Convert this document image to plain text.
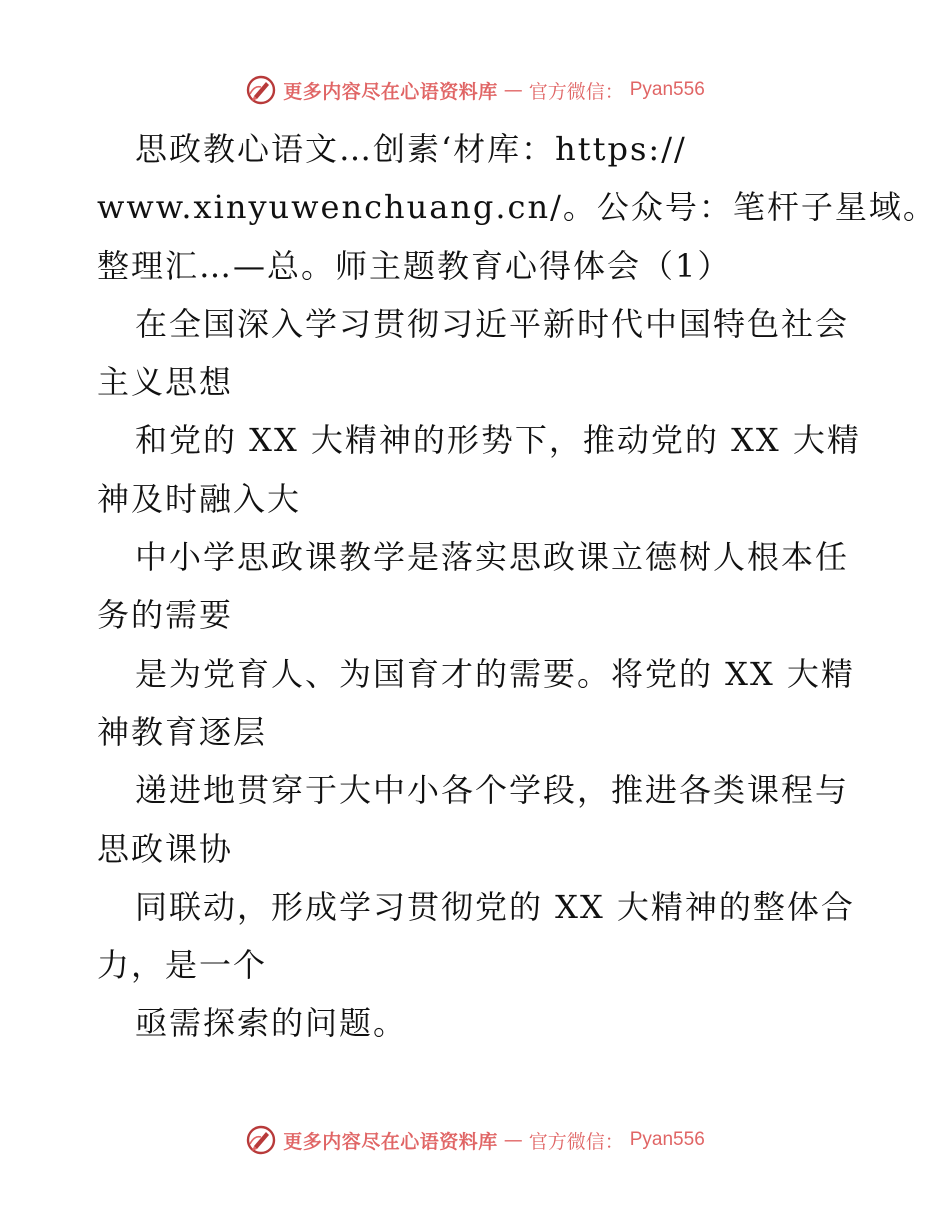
更多内容尽在心语资料库 — 官方微信： Pyan556
思政教心语文…创素‘材库：https://
www.xinyuwenchuang.cn/。公众号：笔杆子星域。
整理汇…—总。师主题教育心得体会（1）
在全国深入学习贯彻习近平新时代中国特色社会
主义思想
和党的 XX 大精神的形势下，推动党的 XX 大精
神及时融入大
中小学思政课教学是落实思政课立德树人根本任
务的需要
是为党育人、为国育才的需要。将党的 XX 大精
神教育逐层
递进地贯穿于大中小各个学段，推进各类课程与
思政课协
同联动，形成学习贯彻党的 XX 大精神的整体合
力，是一个
亟需探索的问题。
更多内容尽在心语资料库 — 官方微信： Pyan556
